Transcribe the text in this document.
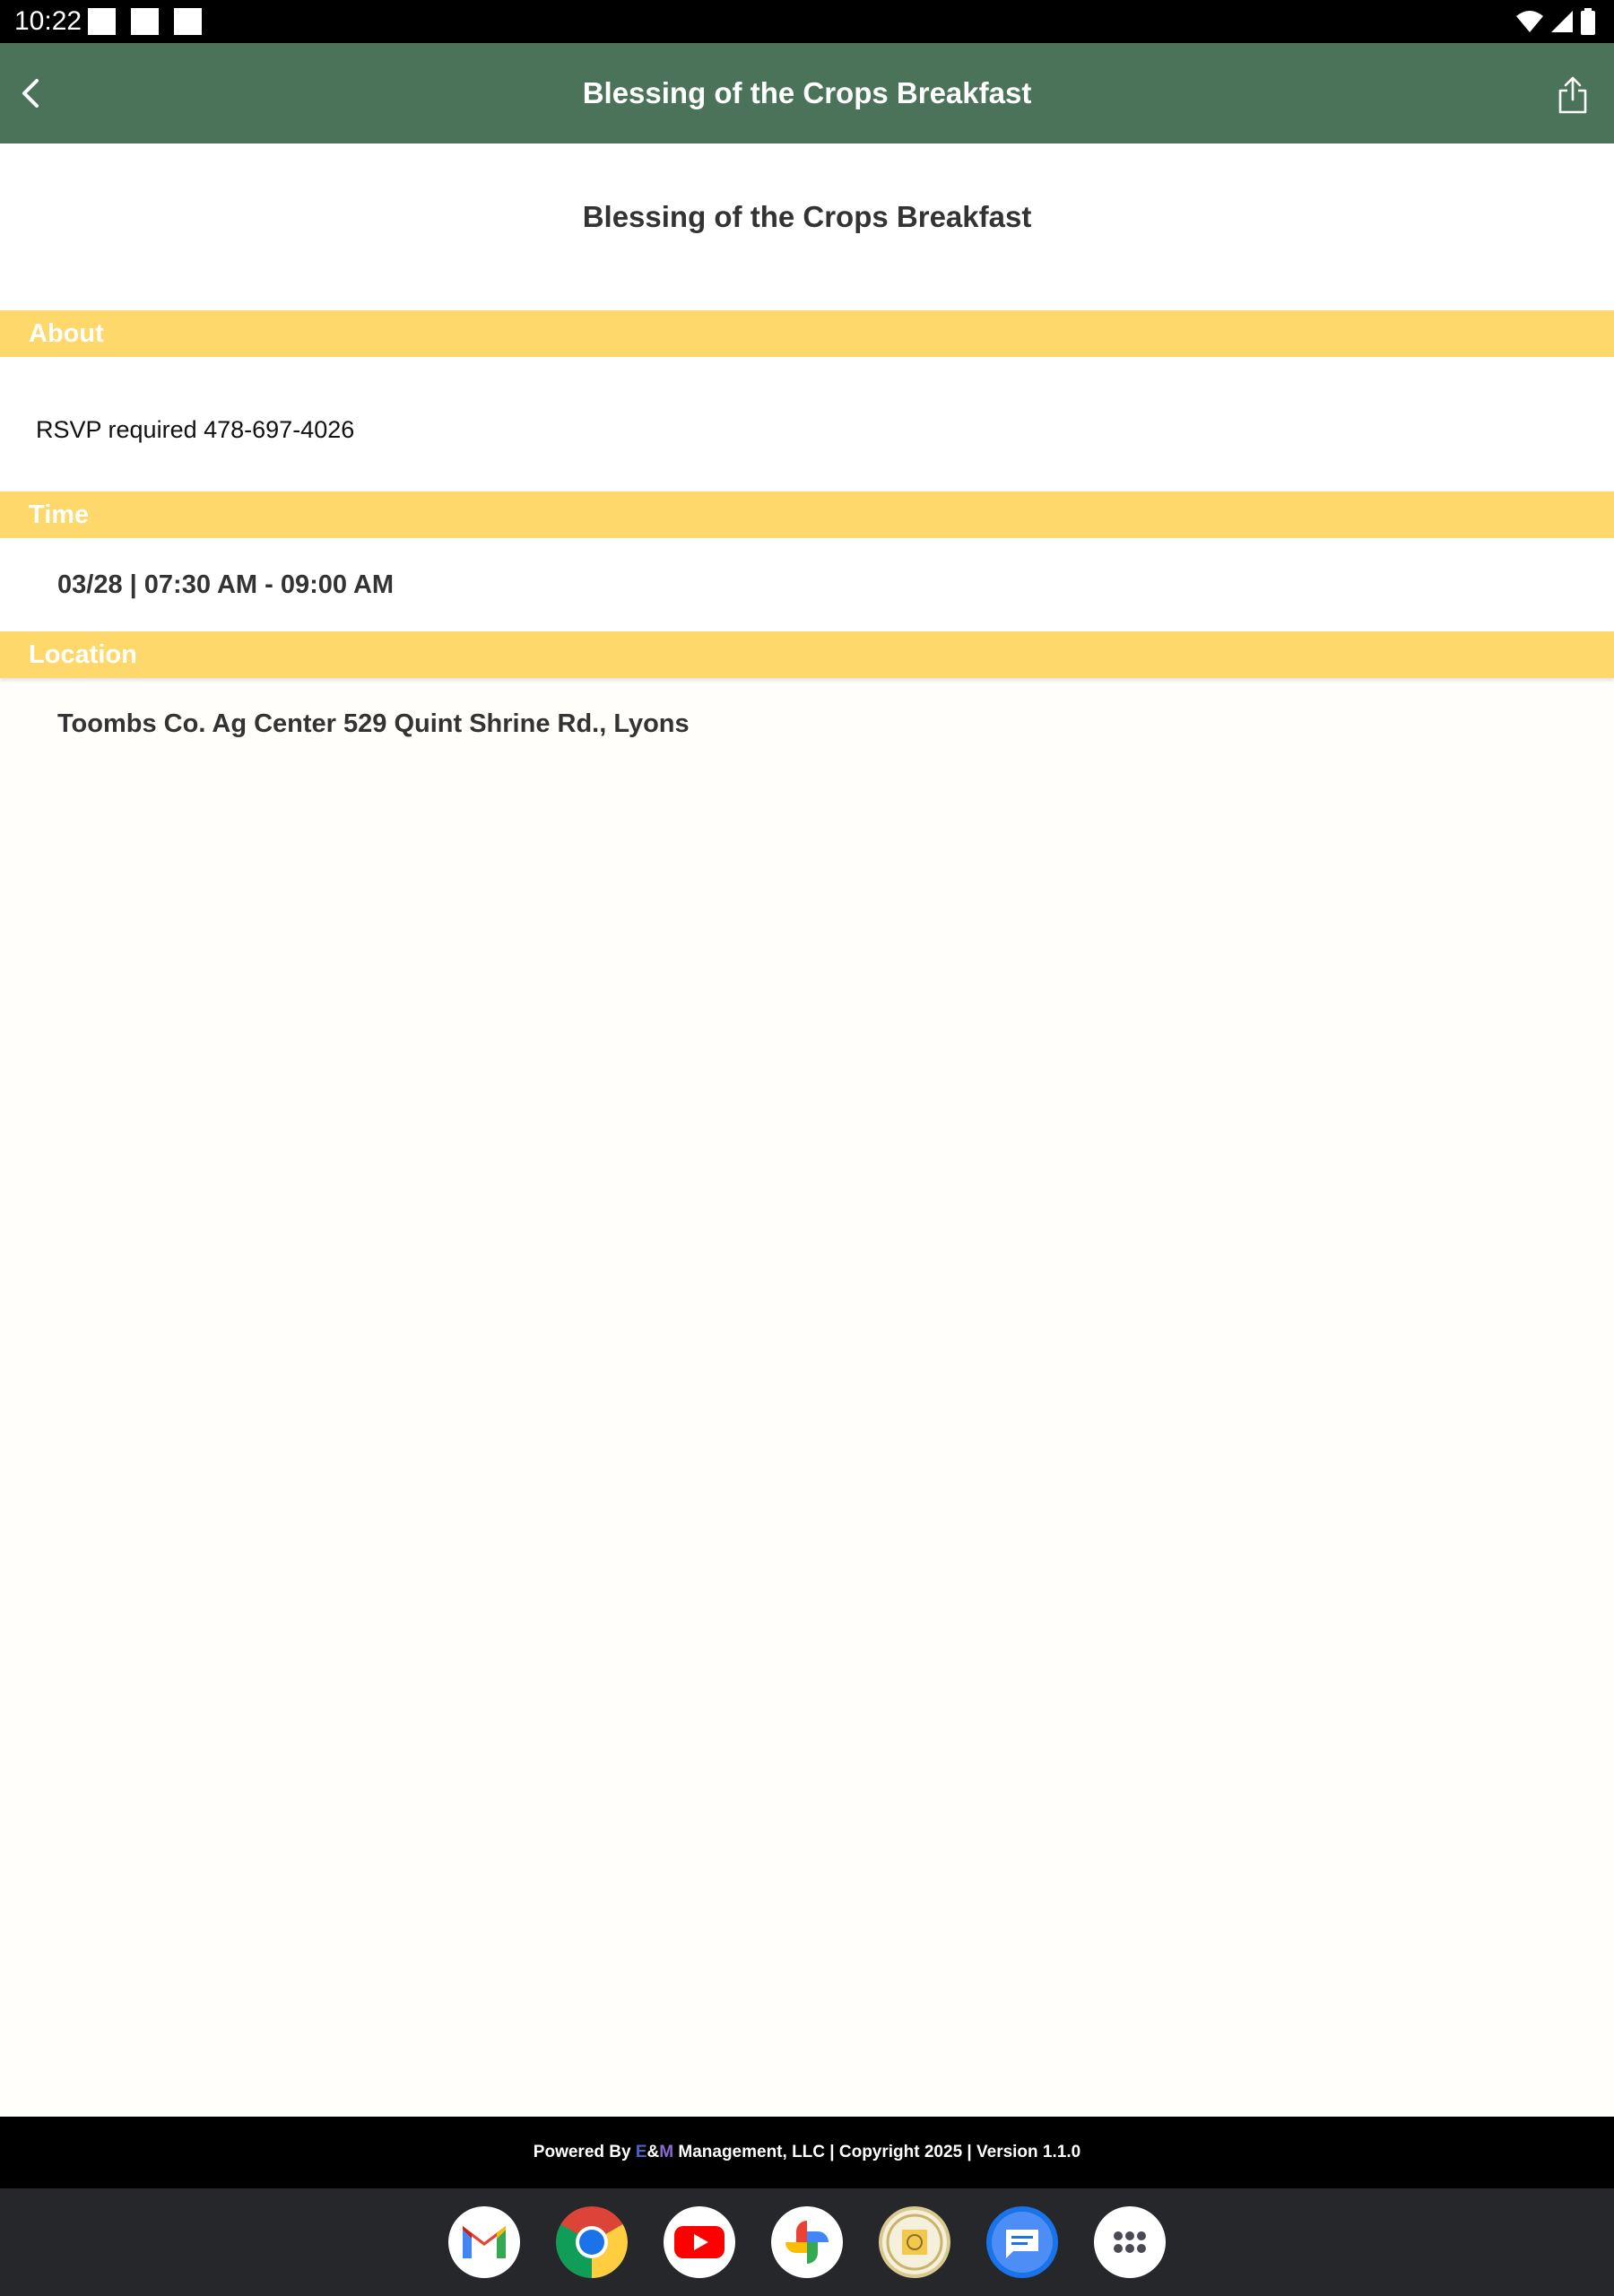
10:22
Blessing of the Crops Breakfast
Blessing of the Crops Breakfast
About
RSVP required 478-697-4026
Time
03/28 | 07:30 AM - 09:00 AM
Location
Toombs Co. Ag Center 529 Quint Shrine Rd., Lyons
Powered By E&M Management, LLC | Copyright 2025 | Version 1.1.0
